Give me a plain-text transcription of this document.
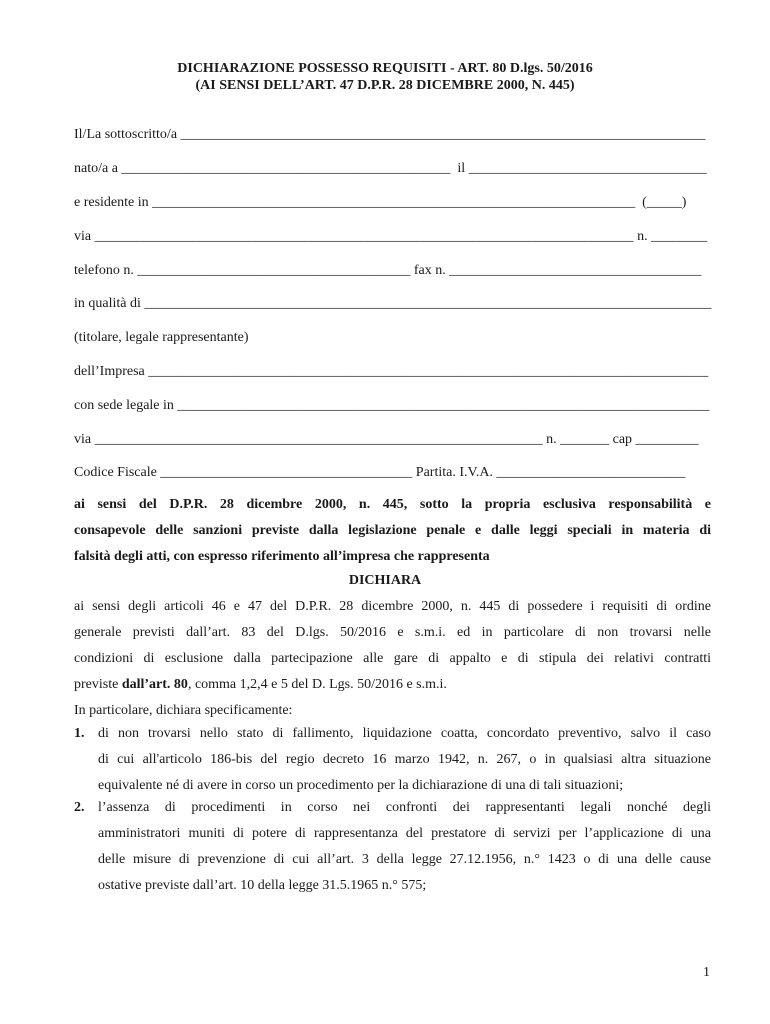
DICHIARAZIONE POSSESSO REQUISITI - ART. 80 D.lgs. 50/2016
(AI SENSI DELL’ART. 47 D.P.R. 28 DICEMBRE 2000, N. 445)
Il/La sottoscritto/a ___________________________________________________________________________
nato/a a _______________________________________________  il __________________________________
e residente in _____________________________________________________________________  (_____)
via _____________________________________________________________________________ n. ________
telefono n. _______________________________________ fax n. ____________________________________
in qualità di _________________________________________________________________________________
(titolare, legale rappresentante)
dell’Impresa ________________________________________________________________________________
con sede legale in ____________________________________________________________________________
via ________________________________________________________________ n. _______ cap _________
Codice Fiscale ____________________________________ Partita. I.V.A. ___________________________
ai sensi del D.P.R. 28 dicembre 2000, n. 445, sotto la propria esclusiva responsabilità e
consapevole delle sanzioni previste dalla legislazione penale e dalle leggi speciali in materia di
falsità degli atti, con espresso riferimento all’impresa che rappresenta
DICHIARA
ai sensi degli articoli 46 e 47 del D.P.R. 28 dicembre 2000, n. 445 di possedere i requisiti di ordine
generale previsti dall’art. 83 del D.lgs. 50/2016 e s.m.i. ed in particolare di non trovarsi nelle
condizioni di esclusione dalla partecipazione alle gare di appalto e di stipula dei relativi contratti
previste dall’art. 80, comma 1,2,4 e 5 del D. Lgs. 50/2016 e s.m.i.
In particolare, dichiara specificamente:
1. di non trovarsi nello stato di fallimento, liquidazione coatta, concordato preventivo, salvo il caso
di cui all'articolo 186-bis del regio decreto 16 marzo 1942, n. 267, o in qualsiasi altra situazione
equivalente né di avere in corso un procedimento per la dichiarazione di una di tali situazioni;
2. l’assenza di procedimenti in corso nei confronti dei rappresentanti legali nonché degli
amministratori muniti di potere di rappresentanza del prestatore di servizi per l’applicazione di una
delle misure di prevenzione di cui all’art. 3 della legge 27.12.1956, n.° 1423 o di una delle cause
ostative previste dall’art. 10 della legge 31.5.1965 n.° 575;
1
